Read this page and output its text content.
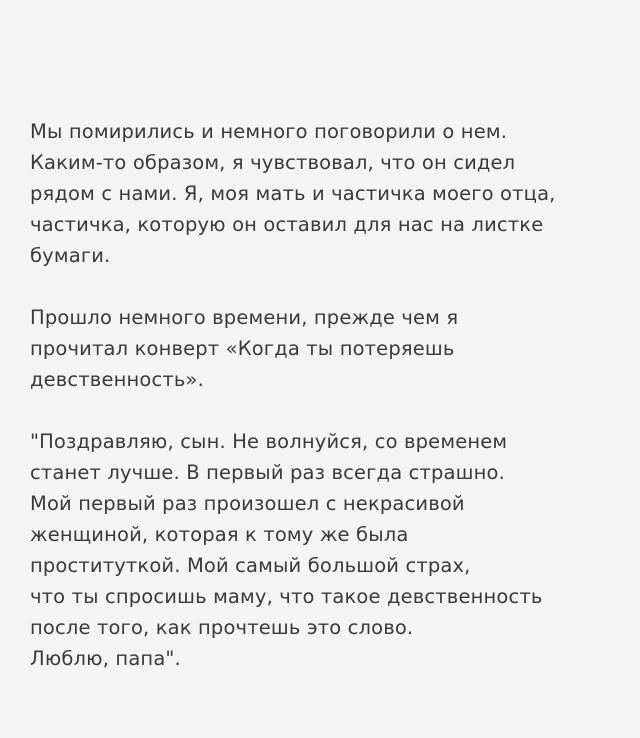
Мы помирились и немного поговорили о нем.
Каким-то образом, я чувствовал, что он сидел
рядом с нами. Я, моя мать и частичка моего отца,
частичка, которую он оставил для нас на листке
бумаги.

Прошло немного времени, прежде чем я
прочитал конверт «Когда ты потеряешь
девственность».

"Поздравляю, сын. Не волнуйся, со временем
станет лучше. В первый раз всегда страшно.
Мой первый раз произошел с некрасивой
женщиной, которая к тому же была
проституткой. Мой самый большой страх,
что ты спросишь маму, что такое девственность
после того, как прочтешь это слово.
Люблю, папа".
